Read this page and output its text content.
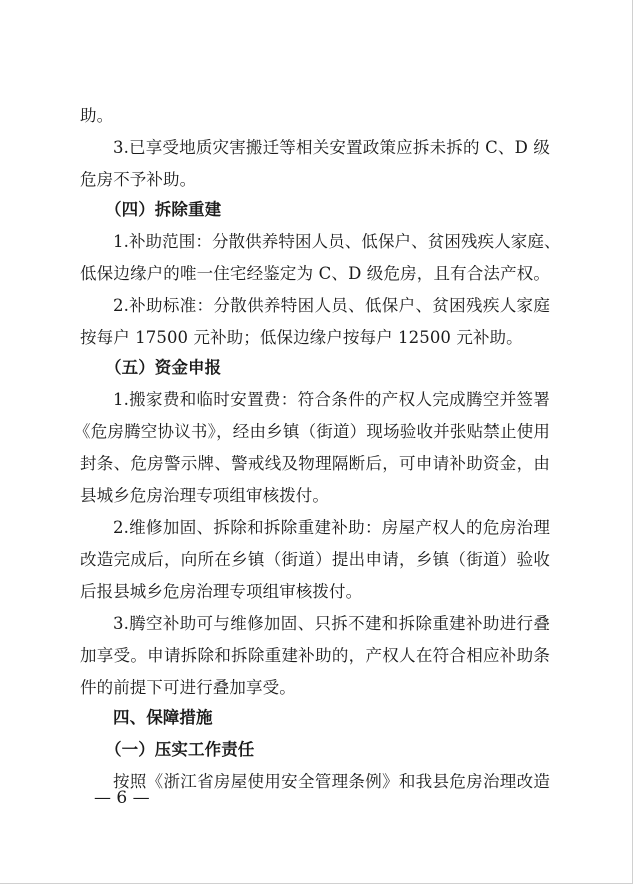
助。
3.已享受地质灾害搬迁等相关安置政策应拆未拆的 C、D 级
危房不予补助。
（四）拆除重建
1.补助范围：分散供养特困人员、低保户、贫困残疾人家庭、
低保边缘户的唯一住宅经鉴定为 C、D 级危房，且有合法产权。
2.补助标准：分散供养特困人员、低保户、贫困残疾人家庭
按每户 17500 元补助；低保边缘户按每户 12500 元补助。
（五）资金申报
1.搬家费和临时安置费：符合条件的产权人完成腾空并签署
《危房腾空协议书》，经由乡镇（街道）现场验收并张贴禁止使用
封条、危房警示牌、警戒线及物理隔断后，可申请补助资金，由
县城乡危房治理专项组审核拨付。
2.维修加固、拆除和拆除重建补助：房屋产权人的危房治理
改造完成后，向所在乡镇（街道）提出申请，乡镇（街道）验收
后报县城乡危房治理专项组审核拨付。
3.腾空补助可与维修加固、只拆不建和拆除重建补助进行叠
加享受。申请拆除和拆除重建补助的，产权人在符合相应补助条
件的前提下可进行叠加享受。
四、保障措施
（一）压实工作责任
按照《浙江省房屋使用安全管理条例》和我县危房治理改造
— 6 —
